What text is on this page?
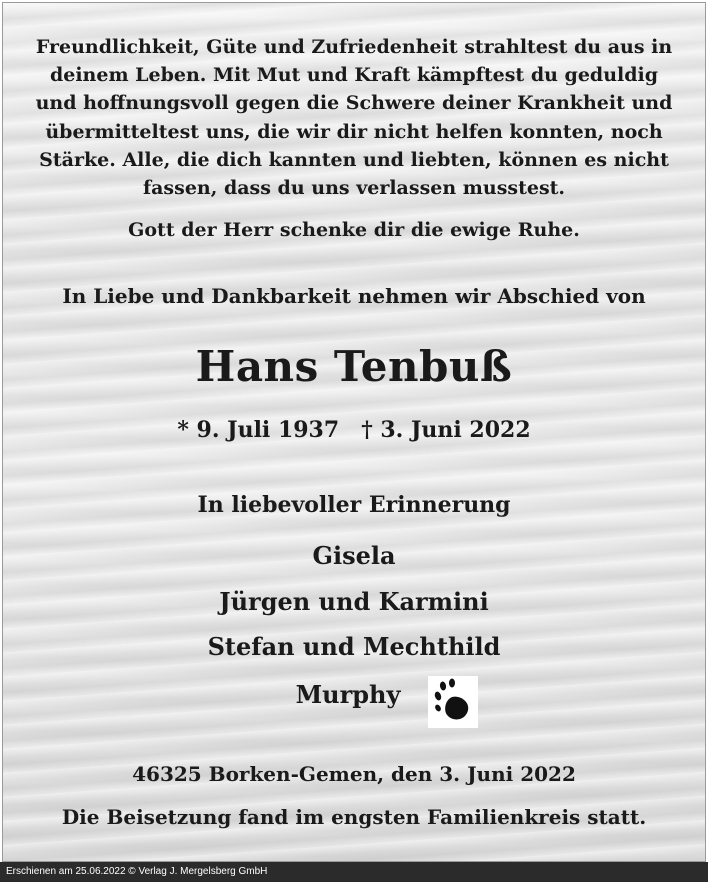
Freundlichkeit, Güte und Zufriedenheit strahltest du aus in
deinem Leben. Mit Mut und Kraft kämpftest du geduldig
und hoffnungsvoll gegen die Schwere deiner Krankheit und
übermitteltest uns, die wir dir nicht helfen konnten, noch
Stärke. Alle, die dich kannten und liebten, können es nicht
fassen, dass du uns verlassen musstest.
Gott der Herr schenke dir die ewige Ruhe.
In Liebe und Dankbarkeit nehmen wir Abschied von
Hans Tenbuß
* 9. Juli 1937 † 3. Juni 2022
In liebevoller Erinnerung
Gisela
Jürgen und Karmini
Stefan und Mechthild
Murphy
46325 Borken-Gemen, den 3. Juni 2022
Die Beisetzung fand im engsten Familienkreis statt.
Erschienen am 25.06.2022 © Verlag J. Mergelsberg GmbH
